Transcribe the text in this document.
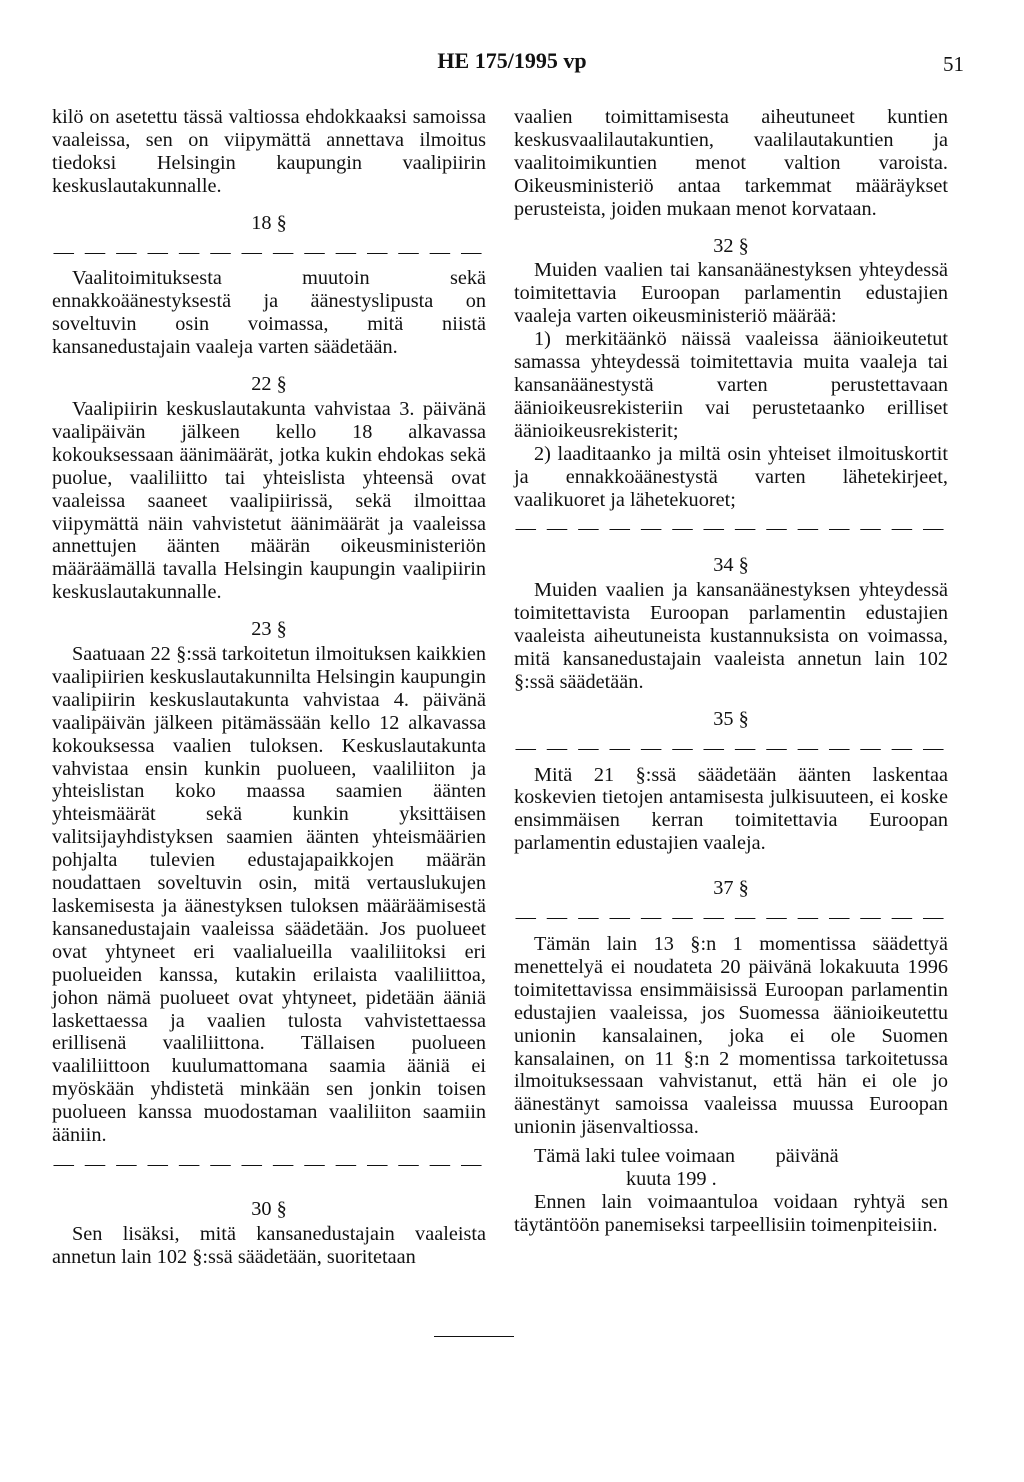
HE 175/1995 vp	51

kilö on asetettu tässä valtiossa ehdokkaaksi samoissa vaaleissa, sen on viipymättä annettava ilmoitus tiedoksi Helsingin kaupungin vaalipiirin keskuslautakunnalle.

18 §
— — — — — — — — — — — — — —

Vaalitoimituksesta muutoin sekä ennakkoäänestyksestä ja äänestyslipusta on soveltuvin osin voimassa, mitä niistä kansanedustajain vaaleja varten säädetään.

22 §

Vaalipiirin keskuslautakunta vahvistaa 3. päivänä vaalipäivän jälkeen kello 18 alkavassa kokouksessaan äänimäärät, jotka kukin ehdokas sekä puolue, vaaliliitto tai yhteislista yhteensä ovat vaaleissa saaneet vaalipiirissä, sekä ilmoittaa viipymättä näin vahvistetut äänimäärät ja vaaleissa annettujen äänten määrän oikeusministeriön määräämällä tavalla Helsingin kaupungin vaalipiirin keskuslautakunnalle.

23 §

Saatuaan 22 §:ssä tarkoitetun ilmoituksen kaikkien vaalipiirien keskuslautakunnilta Helsingin kaupungin vaalipiirin keskuslautakunta vahvistaa 4. päivänä vaalipäivän jälkeen pitämässään kello 12 alkavassa kokouksessa vaalien tuloksen. Keskuslautakunta vahvistaa ensin kunkin puolueen, vaaliliiton ja yhteislistan koko maassa saamien äänten yhteismäärät sekä kunkin yksittäisen valitsijayhdistyksen saamien äänten yhteismäärien pohjalta tulevien edustajapaikkojen määrän noudattaen soveltuvin osin, mitä vertauslukujen laskemisesta ja äänestyksen tuloksen määräämisestä kansanedustajain vaaleissa säädetään. Jos puolueet ovat yhtyneet eri vaalialueilla vaaliliitoksi eri puolueiden kanssa, kutakin erilaista vaaliliittoa, johon nämä puolueet ovat yhtyneet, pidetään ääniä laskettaessa ja vaalien tulosta vahvistettaessa erillisenä vaaliliittona. Tällaisen puolueen vaaliliittoon kuulumattomana saamia ääniä ei myöskään yhdistetä minkään sen jonkin toisen puolueen kanssa muodostaman vaaliliiton saamiin ääniin.

— — — — — — — — — — — — — —
30 §

Sen lisäksi, mitä kansanedustajain vaaleista annetun lain 102 §:ssä säädetään, suoritetaan

vaalien toimittamisesta aiheutuneet kuntien keskusvaalilautakuntien, vaalilautakuntien ja vaalitoimikuntien menot valtion varoista. Oikeusministeriö antaa tarkemmat määräykset perusteista, joiden mukaan menot korvataan.

32 §

Muiden vaalien tai kansanäänestyksen yhteydessä toimitettavia Euroopan parlamentin edustajien vaaleja varten oikeusministeriö määrää:

1) merkitäänkö näissä vaaleissa äänioikeutetut samassa yhteydessä toimitettavia muita vaaleja tai kansanäänestystä varten perustettavaan äänioikeusrekisteriin vai perustetaanko erilliset äänioikeusrekisterit;

2) laaditaanko ja miltä osin yhteiset ilmoituskortit ja ennakkoäänestystä varten lähetekirjeet, vaalikuoret ja lähetekuoret;

— — — — — — — — — — — — — —
34 §

Muiden vaalien ja kansanäänestyksen yhteydessä toimitettavista Euroopan parlamentin edustajien vaaleista aiheutuneista kustannuksista on voimassa, mitä kansanedustajain vaaleista annetun lain 102 §:ssä säädetään.

35 §
— — — — — — — — — — — — — —

Mitä 21 §:ssä säädetään äänten laskentaa koskevien tietojen antamisesta julkisuuteen, ei koske ensimmäisen kerran toimitettavia Euroopan parlamentin edustajien vaaleja.

37 §
— — — — — — — — — — — — — —

Tämän lain 13 §:n 1 momentissa säädettyä menettelyä ei noudateta 20 päivänä lokakuuta 1996 toimitettavissa ensimmäisissä Euroopan parlamentin edustajien vaaleissa, jos Suomessa äänioikeutettu unionin kansalainen, joka ei ole Suomen kansalainen, on 11 §:n 2 momentissa tarkoitetussa ilmoituksessaan vahvistanut, että hän ei ole jo äänestänyt samoissa vaaleissa muussa Euroopan unionin jäsenvaltiossa.

Tämä laki tulee voimaan        päivänä

kuuta 199 .

Ennen lain voimaantuloa voidaan ryhtyä sen täytäntöön panemiseksi tarpeellisiin toimenpiteisiin.
